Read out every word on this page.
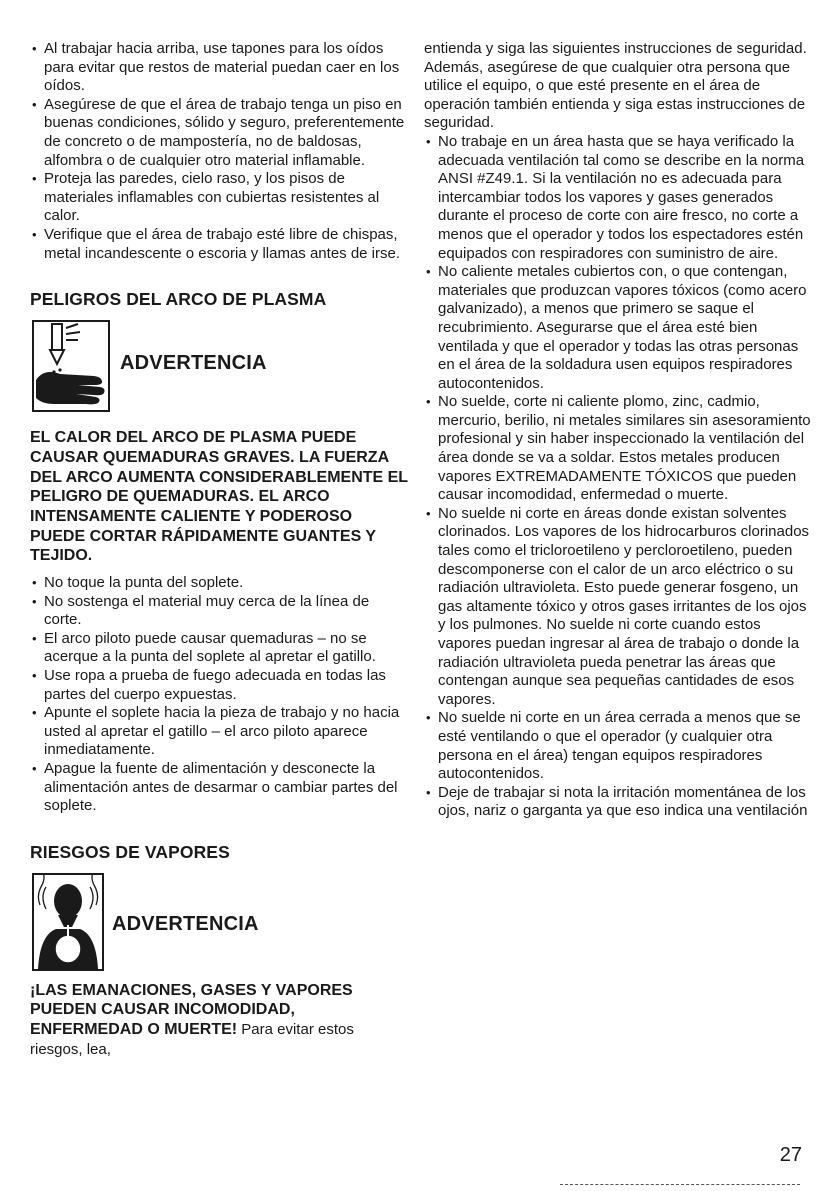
• Al trabajar hacia arriba, use tapones para los oídos para evitar que restos de material puedan caer en los oídos.
• Asegúrese de que el área de trabajo tenga un piso en buenas condiciones, sólido y seguro, preferentemente de concreto o de mampostería, no de baldosas, alfombra o de cualquier otro material inflamable.
• Proteja las paredes, cielo raso, y los pisos de materiales inflamables con cubiertas resistentes al calor.
• Verifique que el área de trabajo esté libre de chispas, metal incandescente o escoria y llamas antes de irse.
PELIGROS DEL ARCO DE PLASMA
ADVERTENCIA
EL CALOR DEL ARCO DE PLASMA PUEDE CAUSAR QUEMADURAS GRAVES. LA FUERZA DEL ARCO AUMENTA CONSIDERABLEMENTE EL PELIGRO DE QUEMADURAS. EL ARCO INTENSAMENTE CALIENTE Y PODEROSO PUEDE CORTAR RÁPIDAMENTE GUANTES Y TEJIDO.
• No toque la punta del soplete.
• No sostenga el material muy cerca de la línea de corte.
• El arco piloto puede causar quemaduras – no se acerque a la punta del soplete al apretar el gatillo.
• Use ropa a prueba de fuego adecuada en todas las partes del cuerpo expuestas.
• Apunte el soplete hacia la pieza de trabajo y no hacia usted al apretar el gatillo – el arco piloto aparece inmediatamente.
• Apague la fuente de alimentación y desconecte la alimentación antes de desarmar o cambiar partes del soplete.
RIESGOS DE VAPORES
ADVERTENCIA
¡LAS EMANACIONES, GASES Y VAPORES PUEDEN CAUSAR INCOMODIDAD, ENFERMEDAD O MUERTE! Para evitar estos riesgos, lea,

entienda y siga las siguientes instrucciones de seguridad. Además, asegúrese de que cualquier otra persona que utilice el equipo, o que esté presente en el área de operación también entienda y siga estas instrucciones de seguridad.

• No trabaje en un área hasta que se haya verificado la adecuada ventilación tal como se describe en la norma ANSI #Z49.1. Si la ventilación no es adecuada para intercambiar todos los vapores y gases generados durante el proceso de corte con aire fresco, no corte a menos que el operador y todos los espectadores estén equipados con respiradores con suministro de aire.
• No caliente metales cubiertos con, o que contengan, materiales que produzcan vapores tóxicos (como acero galvanizado), a menos que primero se saque el recubrimiento. Asegurarse que el área esté bien ventilada y que el operador y todas las otras personas en el área de la soldadura usen equipos respiradores autocontenidos.
• No suelde, corte ni caliente plomo, zinc, cadmio, mercurio, berilio, ni metales similares sin asesoramiento profesional y sin haber inspeccionado la ventilación del área donde se va a soldar. Estos metales producen vapores EXTREMADAMENTE TÓXICOS que pueden causar incomodidad, enfermedad o muerte.
• No suelde ni corte en áreas donde existan solventes clorinados. Los vapores de los hidrocarburos clorinados tales como el tricloroetileno y percloroetileno, pueden descomponerse con el calor de un arco eléctrico o su radiación ultravioleta. Esto puede generar fosgeno, un gas altamente tóxico y otros gases irritantes de los ojos y los pulmones. No suelde ni corte cuando estos vapores puedan ingresar al área de trabajo o donde la radiación ultravioleta pueda penetrar las áreas que contengan aunque sea pequeñas cantidades de esos vapores.
• No suelde ni corte en un área cerrada a menos que se esté ventilando o que el operador (y cualquier otra persona en el área) tengan equipos respiradores autocontenidos.
• Deje de trabajar si nota la irritación momentánea de los ojos, nariz o garganta ya que eso indica una ventilación
27
